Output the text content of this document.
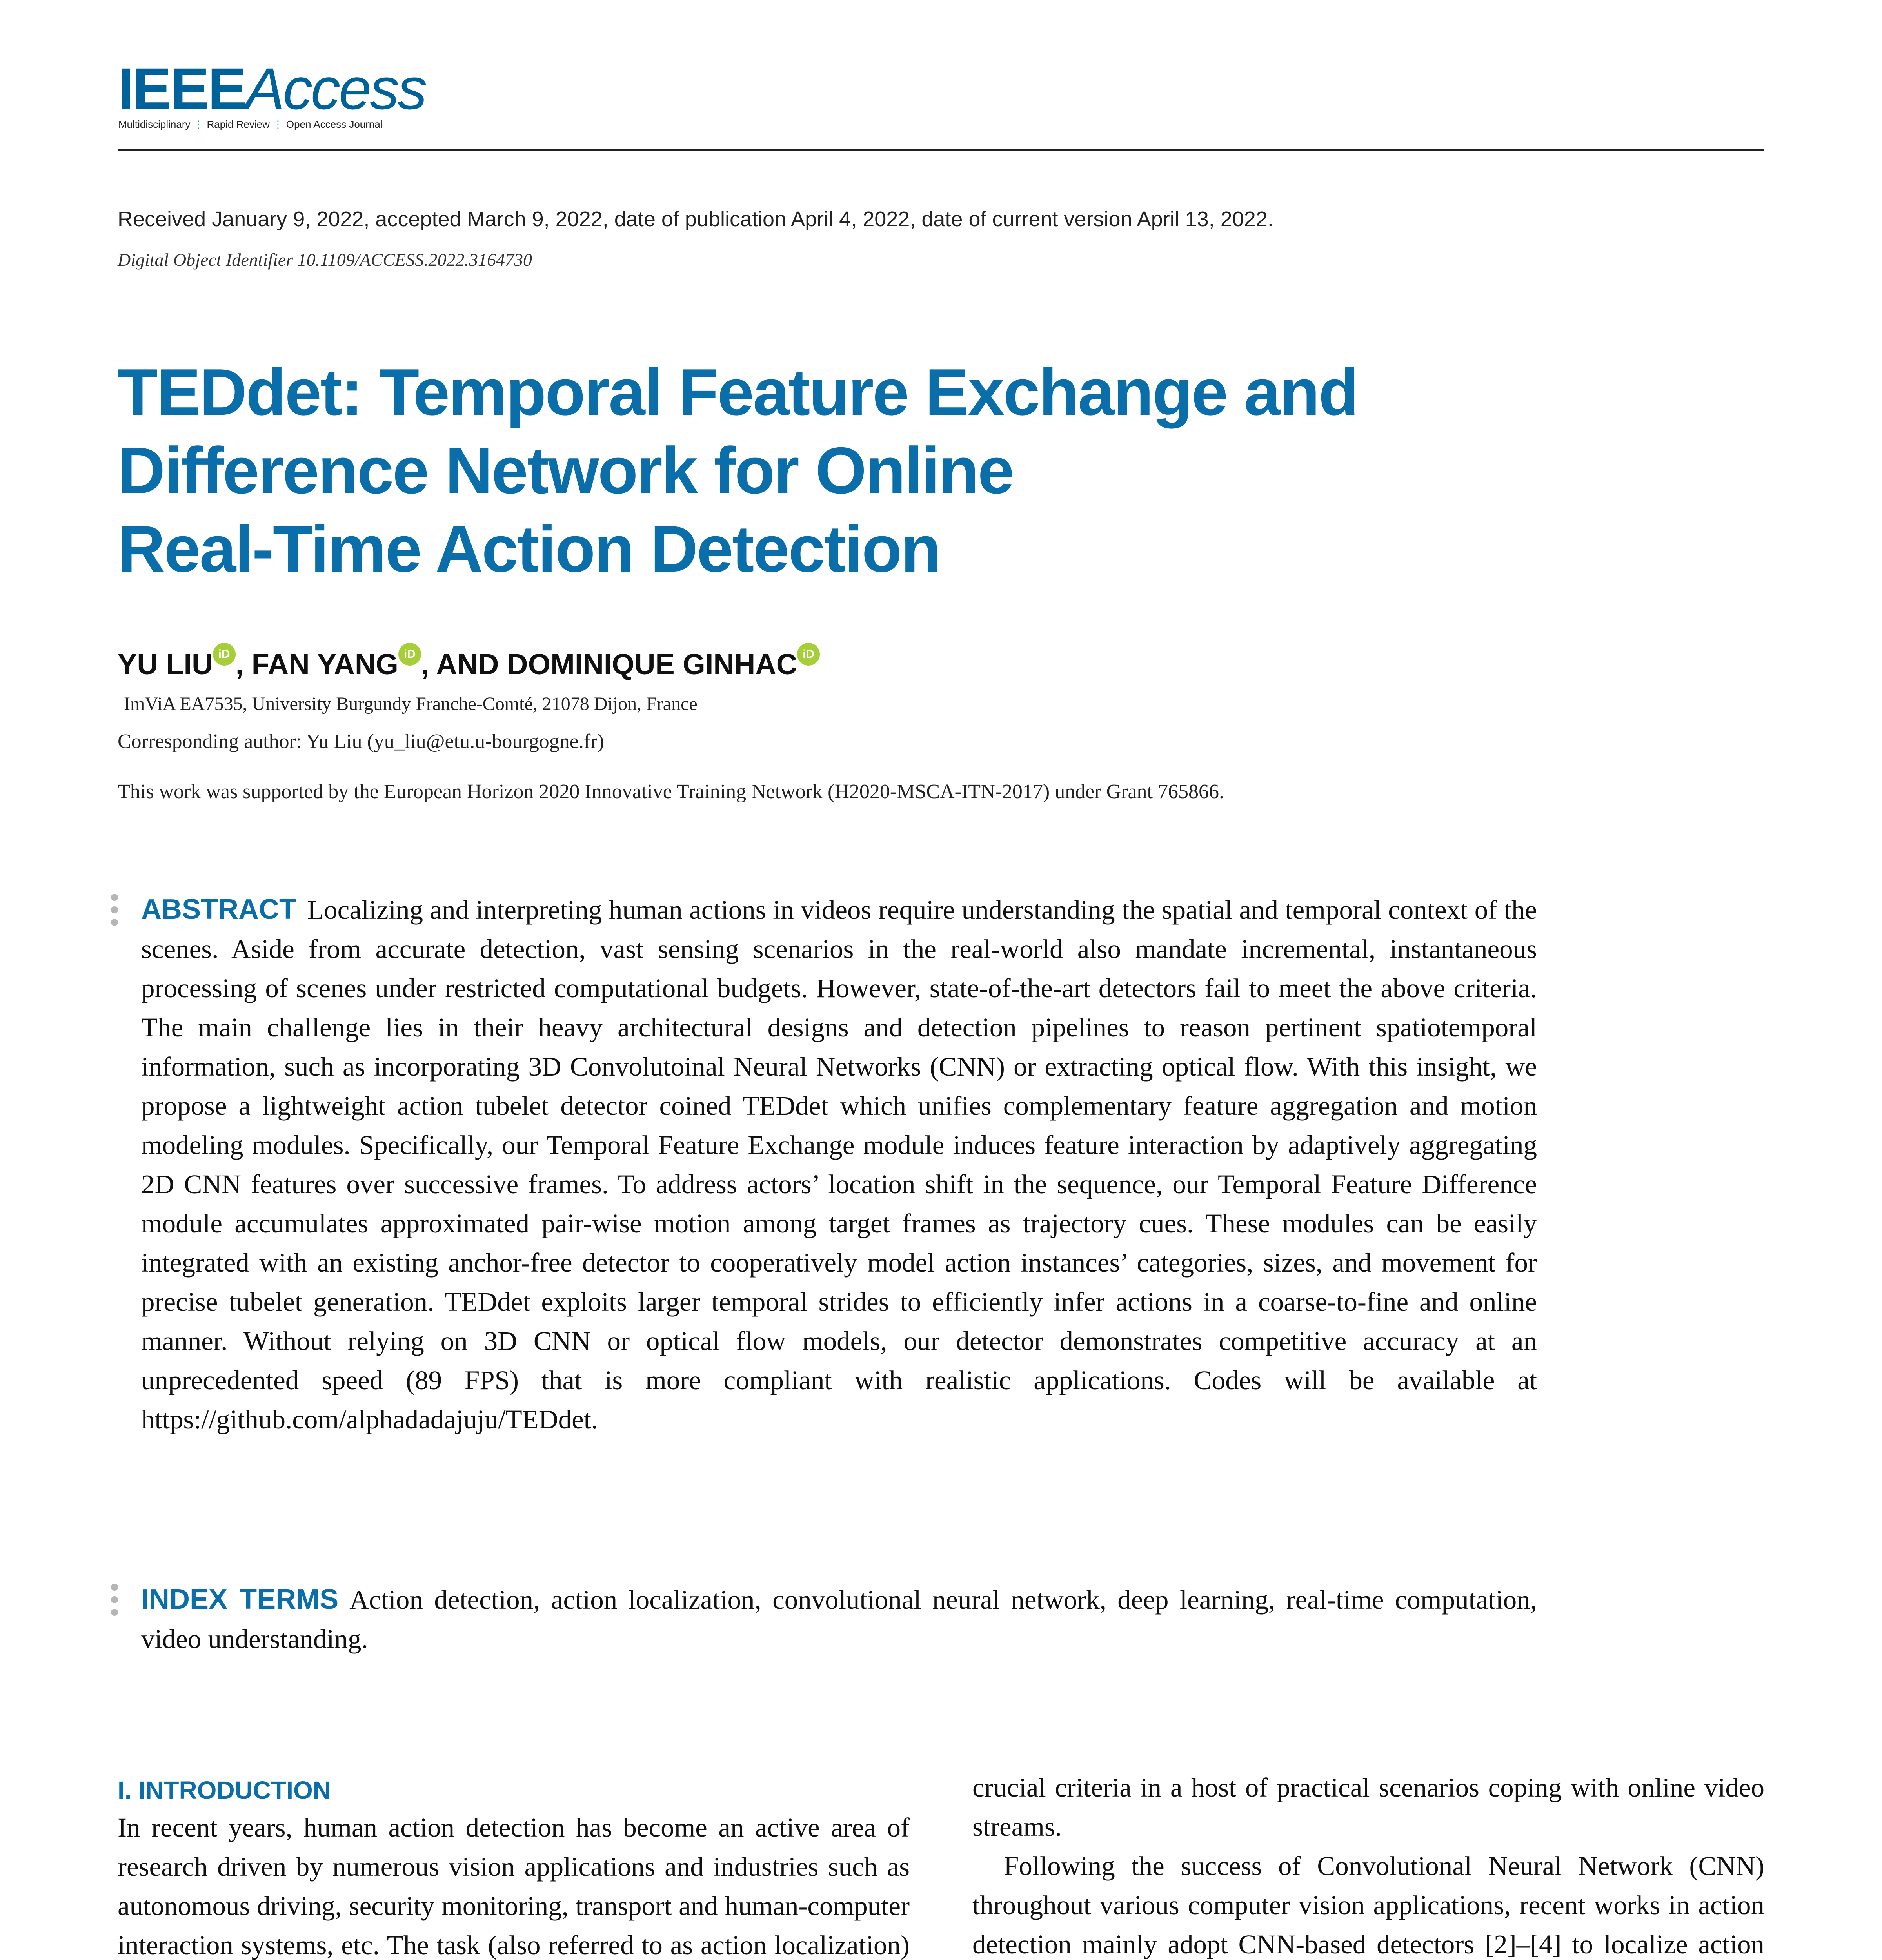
IEEEAccess
Multidisciplinary ⋮ Rapid Review ⋮ Open Access Journal
Received January 9, 2022, accepted March 9, 2022, date of publication April 4, 2022, date of current version April 13, 2022.
Digital Object Identifier 10.1109/ACCESS.2022.3164730
TEDdet: Temporal Feature Exchange and
Difference Network for Online
Real-Time Action Detection
YU LIU iD , FAN YANG iD , AND DOMINIQUE GINHAC iD
ImViA EA7535, University Burgundy Franche-Comté, 21078 Dijon, France
Corresponding author: Yu Liu (yu_liu@etu.u-bourgogne.fr)
This work was supported by the European Horizon 2020 Innovative Training Network (H2020-MSCA-ITN-2017) under Grant 765866.
ABSTRACT Localizing and interpreting human actions in videos require understanding the spatial and temporal context of the scenes. Aside from accurate detection, vast sensing scenarios in the real-world also mandate incremental, instantaneous processing of scenes under restricted computational budgets. However, state-of-the-art detectors fail to meet the above criteria. The main challenge lies in their heavy architectural designs and detection pipelines to reason pertinent spatiotemporal information, such as incorporating 3D Convolutoinal Neural Networks (CNN) or extracting optical flow. With this insight, we propose a lightweight action tubelet detector coined TEDdet which unifies complementary feature aggregation and motion modeling modules. Specifically, our Temporal Feature Exchange module induces feature interaction by adaptively aggregating 2D CNN features over successive frames. To address actors’ location shift in the sequence, our Temporal Feature Difference module accumulates approximated pair-wise motion among target frames as trajectory cues. These modules can be easily integrated with an existing anchor-free detector to cooperatively model action instances’ categories, sizes, and movement for precise tubelet generation. TEDdet exploits larger temporal strides to efficiently infer actions in a coarse-to-fine and online manner. Without relying on 3D CNN or optical flow models, our detector demonstrates competitive accuracy at an unprecedented speed (89 FPS) that is more compliant with realistic applications. Codes will be available at https://github.com/alphadadajuju/TEDdet.
INDEX TERMS Action detection, action localization, convolutional neural network, deep learning, real-time computation, video understanding.
I. INTRODUCTION

In recent years, human action detection has become an active area of research driven by numerous vision applications and industries such as autonomous driving, security monitoring, transport and human-computer interaction systems, etc. The task (also referred to as action localization)

crucial criteria in a host of practical scenarios coping with online video streams.

Following the success of Convolutional Neural Network (CNN) throughout various computer vision applications, recent works in action detection mainly adopt CNN-based detectors [2]–[4] to localize action
